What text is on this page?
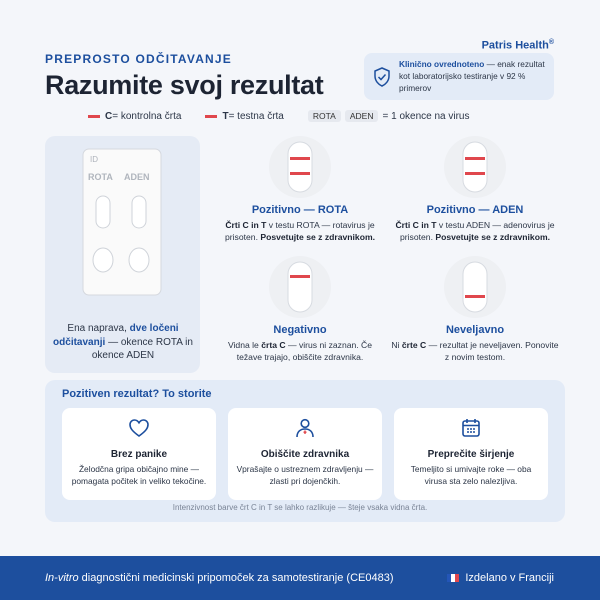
Patris Health®
PREPROSTO ODČITAVANJE
Razumite svoj rezultat
Klinično ovrednoteno — enak rezultat kot laboratorijsko testiranje v 92 % primerov
C = kontrolna črta	T = testna črta	ROTA	ADEN = 1 okence na virus
ID
ROTA ADEN
Ena naprava, dve ločeni odčitavanji — okence ROTA in okence ADEN
Pozitivno — ROTA

Črti C in T v testu ROTA — rotavirus je prisoten. Posvetujte se z zdravnikom.

Pozitivno — ADEN

Črti C in T v testu ADEN — adenovirus je prisoten. Posvetujte se z zdravnikom.

Negativno

Vidna le črta C — virus ni zaznan. Če težave trajajo, obiščite zdravnika.

Neveljavno

Ni črte C — rezultat je neveljaven. Ponovite z novim testom.

Pozitiven rezultat? To storite
Brez panike

Želodčna gripa običajno mine — pomagata počitek in veliko tekočine.

Obiščite zdravnika

Vprašajte o ustreznem zdravljenju — zlasti pri dojenčkih.

Preprečite širjenje

Temeljito si umivajte roke — oba virusa sta zelo nalezljiva.

Intenzivnost barve črt C in T se lahko razlikuje — šteje vsaka vidna črta.
In-vitro diagnostični medicinski pripomoček za samotestiranje (CE0483)	Izdelano v Franciji
